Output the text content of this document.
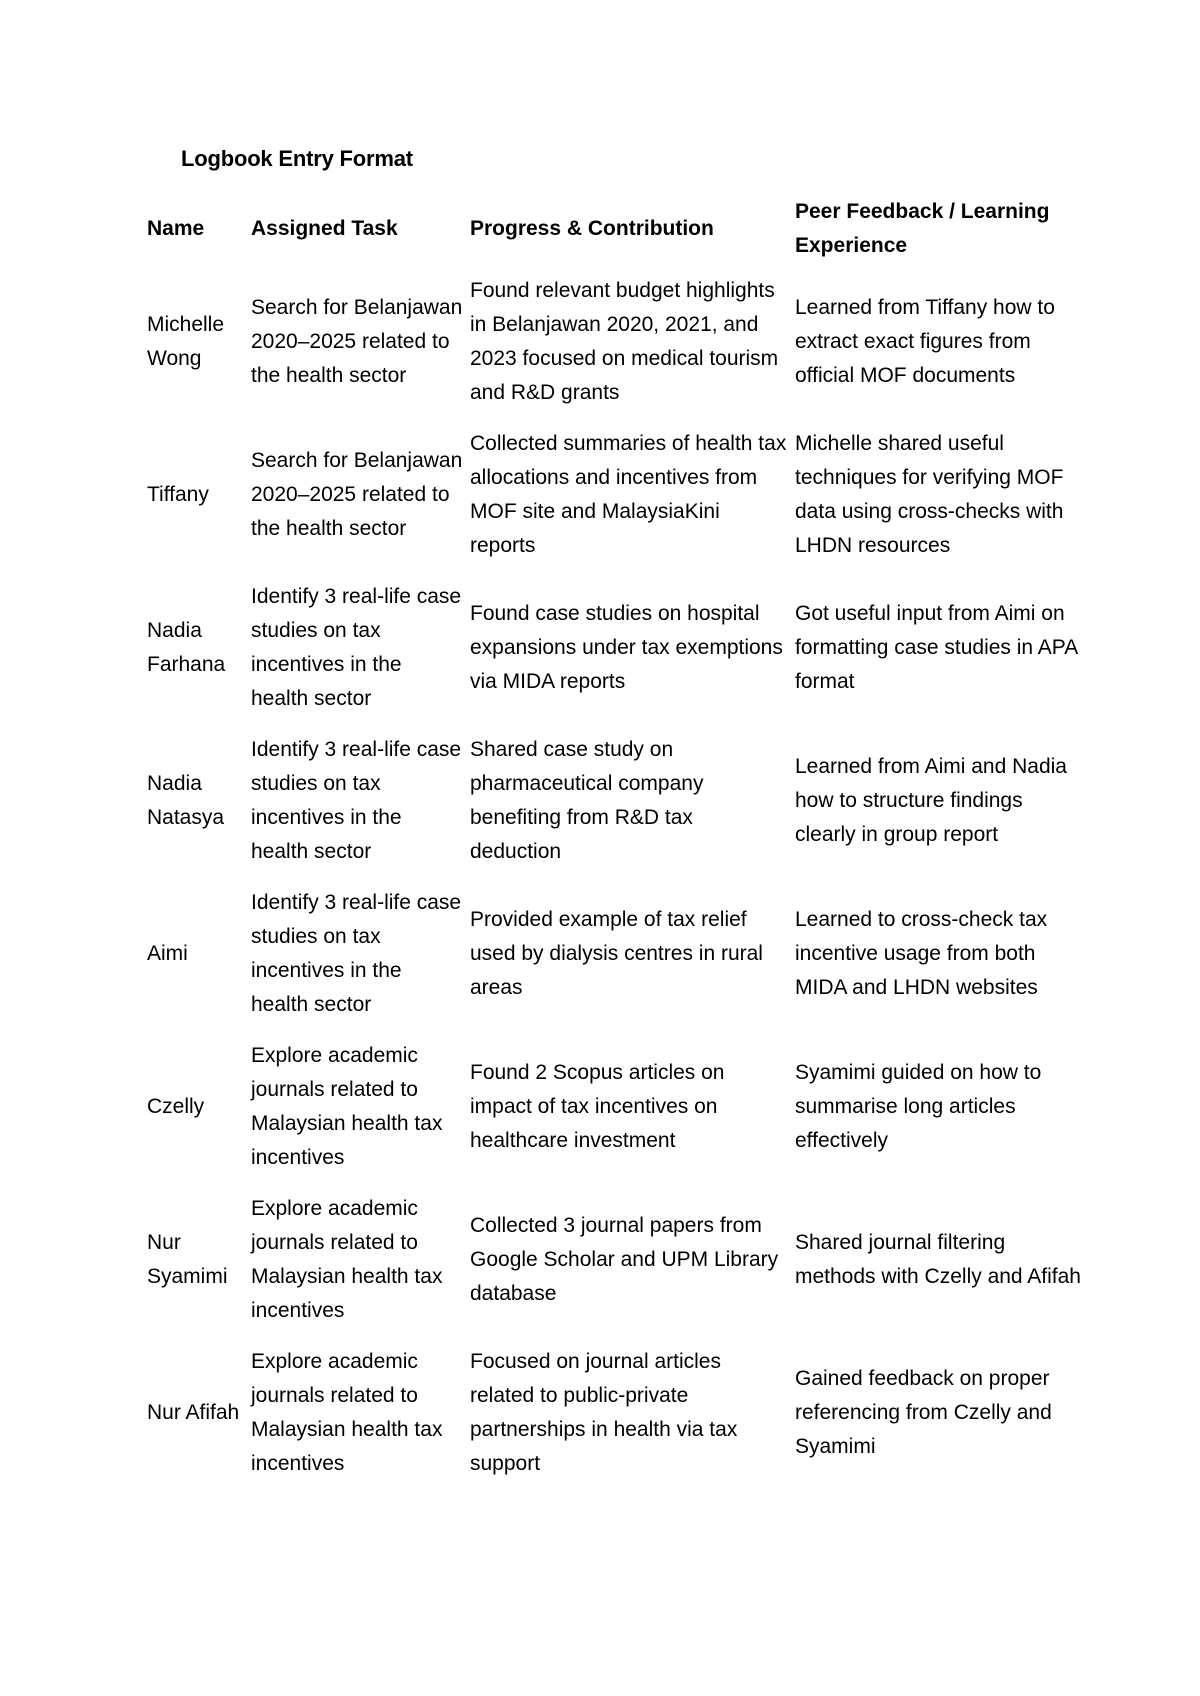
Logbook Entry Format
Name	Assigned Task	Progress & Contribution	Peer Feedback / Learning Experience
Michelle Wong	Search for Belanjawan 2020–2025 related to the health sector	Found relevant budget highlights in Belanjawan 2020, 2021, and 2023 focused on medical tourism and R&D grants	Learned from Tiffany how to extract exact figures from official MOF documents
Tiffany	Search for Belanjawan 2020–2025 related to the health sector	Collected summaries of health tax allocations and incentives from MOF site and MalaysiaKini reports	Michelle shared useful techniques for verifying MOF data using cross-checks with LHDN resources
Nadia Farhana	Identify 3 real-life case studies on tax incentives in the health sector	Found case studies on hospital expansions under tax exemptions via MIDA reports	Got useful input from Aimi on formatting case studies in APA format
Nadia Natasya	Identify 3 real-life case studies on tax incentives in the health sector	Shared case study on pharmaceutical company benefiting from R&D tax deduction	Learned from Aimi and Nadia how to structure findings clearly in group report
Aimi	Identify 3 real-life case studies on tax incentives in the health sector	Provided example of tax relief used by dialysis centres in rural areas	Learned to cross-check tax incentive usage from both MIDA and LHDN websites
Czelly	Explore academic journals related to Malaysian health tax incentives	Found 2 Scopus articles on impact of tax incentives on healthcare investment	Syamimi guided on how to summarise long articles effectively
Nur Syamimi	Explore academic journals related to Malaysian health tax incentives	Collected 3 journal papers from Google Scholar and UPM Library database	Shared journal filtering methods with Czelly and Afifah
Nur Afifah	Explore academic journals related to Malaysian health tax incentives	Focused on journal articles related to public-private partnerships in health via tax support	Gained feedback on proper referencing from Czelly and Syamimi
